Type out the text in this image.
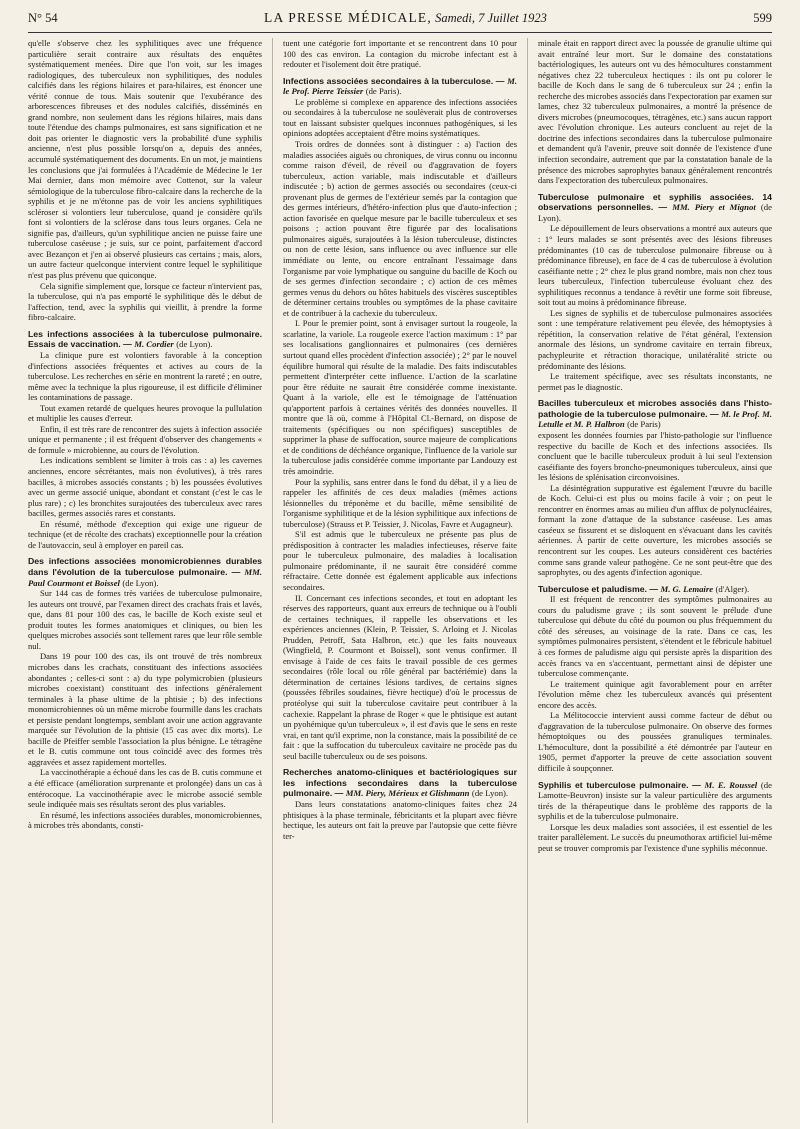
N° 54	LA PRESSE MÉDICALE, Samedi, 7 Juillet 1923	599

qu'elle s'observe chez les syphilitiques avec une fréquence particulière serait contraire aux résultats des enquêtes systématiquement menées. Dire que l'on voit, sur les images radiologiques, des tuberculeux non syphilitiques, des nodules calcifiés dans les régions hilaires et para-hilaires, est énoncer une vérité connue de tous. Mais soutenir que l'exubérance des arborescences fibreuses et des nodules calcifiés, disséminés en grand nombre, non seulement dans les régions hilaires, mais dans toute l'étendue des champs pulmonaires, est sans signification et ne doit pas orienter le diagnostic vers la probabilité d'une syphilis ancienne, n'est plus possible lorsqu'on a, depuis des années, accumulé systématiquement des documents. En un mot, je maintiens les conclusions que j'ai formulées à l'Académie de Médecine le 1er Mai dernier, dans mon mémoire avec Cottenot, sur la valeur sémiologique de la tuberculose fibro-calcaire dans la recherche de la syphilis et je ne m'étonne pas de voir les anciens syphilitiques scléroser si volontiers leur tuberculose, quand je considère qu'ils font si volontiers de la sclérose dans tous leurs organes. Cela ne signifie pas, d'ailleurs, qu'un syphilitique ancien ne puisse faire une tuberculose caséeuse ; je suis, sur ce point, parfaitement d'accord avec Bezançon et j'en ai observé plusieurs cas certains ; mais, alors, un autre facteur quelconque intervient contre lequel le syphilitique n'est pas plus prévenu que quiconque.

Cela signifie simplement que, lorsque ce facteur n'intervient pas, la tuberculose, qui n'a pas emporté le syphilitique dès le début de l'affection, tend, avec la syphilis qui vieillit, à prendre la forme fibro-calcaire.

Les infections associées à la tuberculose pulmonaire. Essais de vaccination. — M. Cordier (de Lyon).

La clinique pure est volontiers favorable à la conception d'infections associées fréquentes et actives au cours de la tuberculose. Les recherches en série en montrent la rareté ; en outre, même avec la technique la plus rigoureuse, il est difficile d'éliminer les contaminations de passage.

Tout examen retardé de quelques heures provoque la pullulation et multiplie les causes d'erreur.

Enfin, il est très rare de rencontrer des sujets à infection associée unique et permanente ; il est fréquent d'observer des changements « de formule » microbienne, au cours de l'évolution.

Les indications semblent se limiter à trois cas : a) les cavernes anciennes, encore sécrétantes, mais non évolutives), à très rares bacilles, à microbes associés constants ; b) les poussées évolutives avec un germe associé unique, abondant et constant (c'est le cas le plus rare) ; c) les bronchites surajoutées des tuberculeux avec rares bacilles, germes associés rares et constants.

En résumé, méthode d'exception qui exige une rigueur de technique (et de récolte des crachats) exceptionnelle pour la création de l'autovaccin, seul à employer en pareil cas.

Des infections associées monomicrobiennes durables dans l'évolution de la tuberculose pulmonaire. — MM. Paul Courmont et Boissel (de Lyon).

Sur 144 cas de formes très variées de tuberculose pulmonaire, les auteurs ont trouvé, par l'examen direct des crachats frais et lavés, que, dans 81 pour 100 des cas, le bacille de Koch existe seul et produit toutes les formes anatomiques et cliniques, ou bien les quelques microbes associés sont tellement rares que leur rôle semble nul.

Dans 19 pour 100 des cas, ils ont trouvé de très nombreux microbes dans les crachats, constituant des infections associées abondantes ; celles-ci sont : a) du type polymicrobien (plusieurs microbes coexistant) constituant des infections généralement terminales à la phase ultime de la phtisie ; b) des infections monomicrobiennes où un même microbe fourmille dans les crachats et persiste pendant longtemps, semblant avoir une action aggravante marquée sur l'évolution de la phtisie (15 cas avec dix morts). Le bacille de Pfeiffer semble l'association la plus bénigne. Le tétragène et le B. cutis commune ont tous coïncidé avec des formes très aggravées et assez rapidement mortelles.

La vaccinothérapie a échoué dans les cas de B. cutis commune et a été efficace (amélioration surprenante et prolongée) dans un cas à entérocoque. La vaccinothérapie avec le microbe associé semble seule indiquée mais ses résultats seront des plus variables.

En résumé, les infections associées durables, monomicrobiennes, à microbes très abondants, consti-

tuent une catégorie fort importante et se rencontrent dans 10 pour 100 des cas environ. La contagion du microbe infectant est à redouter et l'isolement doit être pratiqué.

Infections associées secondaires à la tuberculose. — M. le Prof. Pierre Teissier (de Paris).

Le problème si complexe en apparence des infections associées ou secondaires à la tuberculose ne soulèverait plus de controverses tout en laissant subsister quelques inconnues pathogéniques, si les opinions adoptées acceptaient d'être moins systématiques.

Trois ordres de données sont à distinguer : a) l'action des maladies associées aiguës ou chroniques, de virus connu ou inconnu comme raison d'éveil, de réveil ou d'aggravation de foyers tuberculeux, action variable, mais indiscutable et d'ailleurs indiscutée ; b) action de germes associés ou secondaires (ceux-ci provenant plus de germes de l'extérieur semés par la contagion que des germes intérieurs, d'hétéro-infection plus que d'auto-infection ; action favorisée en quelque mesure par le bacille tuberculeux et ses poisons ; action pouvant être figurée par des localisations pulmonaires aiguës, surajoutées à la lésion tuberculeuse, distinctes ou non de cette lésion, sans influence ou avec influence sur elle immédiate ou lente, ou encore entraînant l'essaimage dans l'organisme par voie lymphatique ou sanguine du bacille de Koch ou de ses germes d'infection secondaire ; c) action de ces mêmes germes venus du dehors ou hôtes habituels des viscères susceptibles de déterminer certains troubles ou symptômes de la phase cavitaire et de contribuer à la cachexie du tuberculeux.

I. Pour le premier point, sont à envisager surtout la rougeole, la scarlatine, la variole. La rougeole exerce l'action maximum : 1° par ses localisations ganglionnaires et pulmonaires (ces dernières surtout quand elles procèdent d'infection associée) ; 2° par le nouvel équilibre humoral qui résulte de la maladie. Des faits indiscutables permettent d'interpréter cette influence. L'action de la scarlatine pour être réduite ne saurait être considérée comme inexistante. Quant à la variole, elle est le témoignage de l'atténuation qu'apportent parfois à certaines vérités des données nouvelles. Il montre que là où, comme à l'Hôpital Cl.-Bernard, on dispose de traitements (spécifiques ou non spécifiques) susceptibles de supprimer la phase de suffocation, source majeure de complications et de conditions de déchéance organique, l'influence de la variole sur la tuberculose jadis considérée comme importante par Landouzy est très amoindrie.

Pour la syphilis, sans entrer dans le fond du débat, il y a lieu de rappeler les affinités de ces deux maladies (mêmes actions lésionnelles du tréponème et du bacille, même sensibilité de l'organisme syphilitique et de la lésion syphilitique aux infections de tuberculose) (Strauss et P. Teissier, J. Nicolas, Favre et Augagneur).

S'il est admis que le tuberculeux ne présente pas plus de prédisposition à contracter les maladies infectieuses, réserve faite pour le tuberculeux pulmonaire, des maladies à localisation pulmonaire prédominante, il ne saurait être considéré comme réfractaire. Cette donnée est également applicable aux infections secondaires.

II. Concernant ces infections secondes, et tout en adoptant les réserves des rapporteurs, quant aux erreurs de technique ou à l'oubli de certaines techniques, il rappelle les observations et les expériences anciennes (Klein, P. Teissier, S. Arloing et J. Nicolas Prudden, Petroff, Sata Halbron, etc.) que les faits nouveaux (Wingfield, P. Courmont et Boissel), sont venus confirmer. Il envisage à l'aide de ces faits le travail possible de ces germes secondaires (rôle local ou rôle général par bactériémie) dans la détermination de certaines lésions tardives, de certains signes (poussées fébriles soudaines, fièvre hectique) d'où le processus de protéolyse qui suit la tuberculose cavitaire peut contribuer à la cachexie. Rappelant la phrase de Roger « que le phtisique est autant un pyohémique qu'un tuberculeux », il est d'avis que le sens en reste vrai, en tant qu'il exprime, non la constance, mais la possibilité de ce fait : que la suffocation du tuberculeux cavitaire ne procède pas du seul bacille tuberculeux ou de ses poisons.

Recherches anatomo-cliniques et bactériologiques sur les infections secondaires dans la tuberculose pulmonaire. — MM. Piery, Mérieux et Glishmann (de Lyon).

Dans leurs constatations anatomo-cliniques faites chez 24 phtisiques à la phase terminale, fébricitants et la plupart avec fièvre hectique, les auteurs ont fait la preuve par l'autopsie que cette fièvre ter-

minale était en rapport direct avec la poussée de granulie ultime qui avait entraîné leur mort. Sur le domaine des constatations bactériologiques, les auteurs ont vu des hémocultures constamment négatives chez 22 tuberculeux hectiques : ils ont pu colorer le bacille de Koch dans le sang de 6 tuberculeux sur 24 ; enfin la recherche des microbes associés dans l'expectoration par examen sur lames, chez 32 tuberculeux pulmonaires, a montré la présence de divers microbes (pneumocoques, tétragènes, etc.) sans aucun rapport avec l'évolution chronique. Les auteurs concluent au rejet de la doctrine des infections secondaires dans la tuberculose pulmonaire et demandent qu'à l'avenir, preuve soit donnée de l'existence d'une infection secondaire, autrement que par la constatation banale de la présence des microbes saprophytes banaux généralement rencontrés dans l'expectoration des tuberculeux pulmonaires.

Tuberculose pulmonaire et syphilis associées. 14 observations personnelles. — MM. Piery et Mignot (de Lyon).

Le dépouillement de leurs observations a montré aux auteurs que : 1° leurs malades se sont présentés avec des lésions fibreuses prédominantes (10 cas de tuberculose pulmonaire fibreuse ou à prédominance fibreuse), en face de 4 cas de tuberculose à évolution caséifiante nette ; 2° chez le plus grand nombre, mais non chez tous leurs tuberculeux, l'infection tuberculeuse évoluant chez des syphilitiques reconnus a tendance à revêtir une forme soit fibreuse, soit tout au moins à prédominance fibreuse.

Les signes de syphilis et de tuberculose pulmonaires associées sont : une température relativement peu élevée, des hémoptysies à répétition, la conservation relative de l'état général, l'extension anormale des lésions, un syndrome cavitaire en terrain fibreux, pachypleurite et rétraction thoracique, unilatéralité stricte ou prédominante des lésions.

Le traitement spécifique, avec ses résultats inconstants, ne permet pas le diagnostic.

Bacilles tuberculeux et microbes associés dans l'histo-pathologie de la tuberculose pulmonaire. — M. le Prof. M. Letulle et M. P. Halbron (de Paris)

exposent les données fournies par l'histo-pathologie sur l'influence respective du bacille de Koch et des infections associées. Ils concluent que le bacille tuberculeux produit à lui seul l'extension caséifiante des foyers broncho-pneumoniques tuberculeux, ainsi que les lésions de splénisation circonvoisines.

La désintégration suppurative est également l'œuvre du bacille de Koch. Celui-ci est plus ou moins facile à voir ; on peut le rencontrer en énormes amas au milieu d'un afflux de polynucléaires, formant la zone d'attaque de la substance caséeuse. Les amas caséeux se fissurent et se disloquent en s'évacuant dans les cavités aériennes. À partir de cette ouverture, les microbes associés se rencontrent sur les coupes. Les auteurs considèrent ces bactéries comme sans grande valeur pathogène. Ce ne sont peut-être que des saprophytes, ou des agents d'infection agonique.

Tuberculose et paludisme. — M. G. Lemaire (d'Alger).

Il est fréquent de rencontrer des symptômes pulmonaires au cours du paludisme grave ; ils sont souvent le prélude d'une tuberculose qui débute du côté du poumon ou plus fréquemment du côté des séreuses, au voisinage de la rate. Dans ce cas, les symptômes pulmonaires persistent, s'étendent et le fébricule habituel à ces formes de paludisme aigu qui persiste après la disparition des accès francs va en s'accentuant, permettant ainsi de dépister une tuberculose commençante.

Le traitement quinique agit favorablement pour en arrêter l'évolution même chez les tuberculeux avancés qui présentent encore des accès.

La Mélitococcie intervient aussi comme facteur de début ou d'aggravation de la tuberculose pulmonaire. On observe des formes hémoptoïques ou des poussées granuliques terminales. L'hémoculture, dont la possibilité a été démontrée par l'auteur en 1905, permet d'apporter la preuve de cette association souvent difficile à soupçonner.

Syphilis et tuberculose pulmonaire. — M. E. Roussel (de Lamotte-Beuvron) insiste sur la valeur particulière des arguments tirés de la thérapeutique dans le problème des rapports de la syphilis et de la tuberculose pulmonaire.

Lorsque les deux maladies sont associées, il est essentiel de les traiter parallèlement. Le succès du pneumothorax artificiel lui-même peut se trouver compromis par l'existence d'une syphilis méconnue.
